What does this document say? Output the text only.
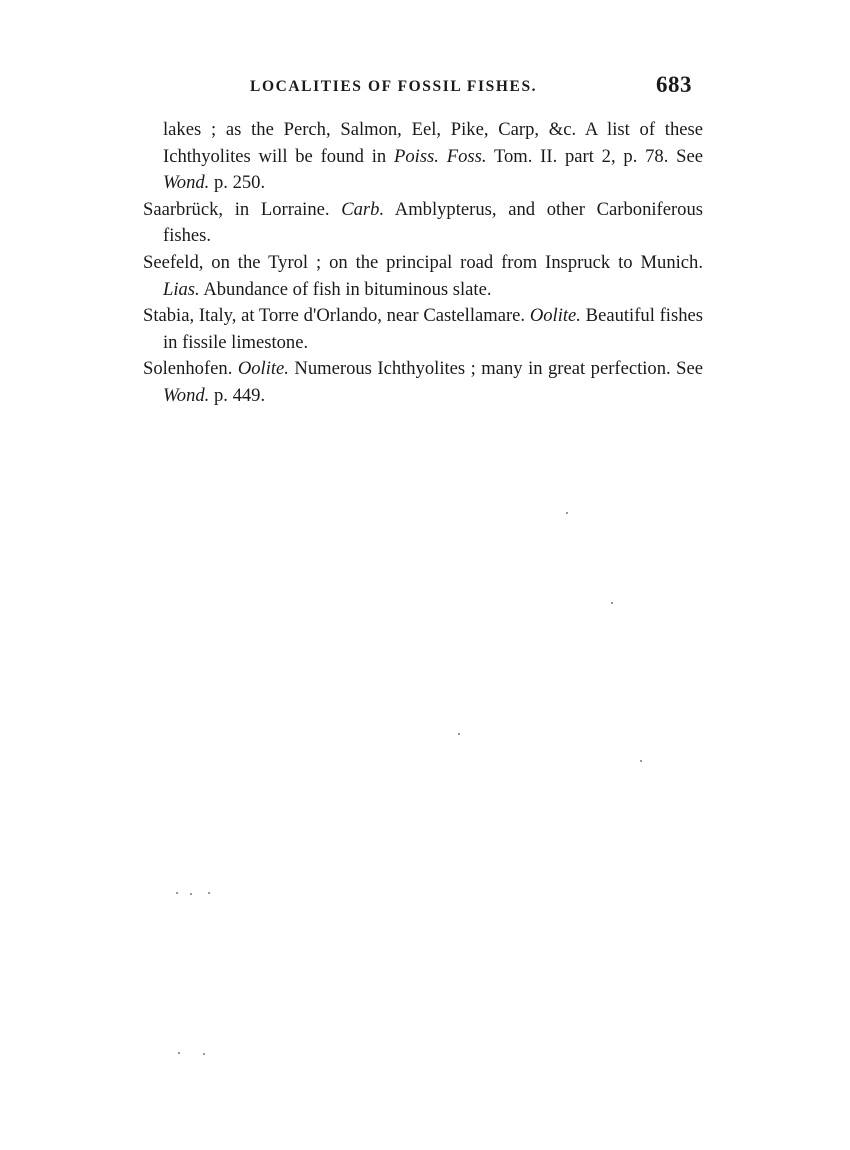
LOCALITIES OF FOSSIL FISHES.	683

lakes ; as the Perch, Salmon, Eel, Pike, Carp, &c. A list of these Ichthyolites will be found in Poiss. Foss. Tom. II. part 2, p. 78. See Wond. p. 250.

Saarbrück, in Lorraine. Carb. Amblypterus, and other Carboniferous fishes.

Seefeld, on the Tyrol ; on the principal road from Inspruck to Munich. Lias. Abundance of fish in bituminous slate.

Stabia, Italy, at Torre d'Orlando, near Castellamare. Oolite. Beautiful fishes in fissile limestone.

Solenhofen. Oolite. Numerous Ichthyolites ; many in great perfection. See Wond. p. 449.
